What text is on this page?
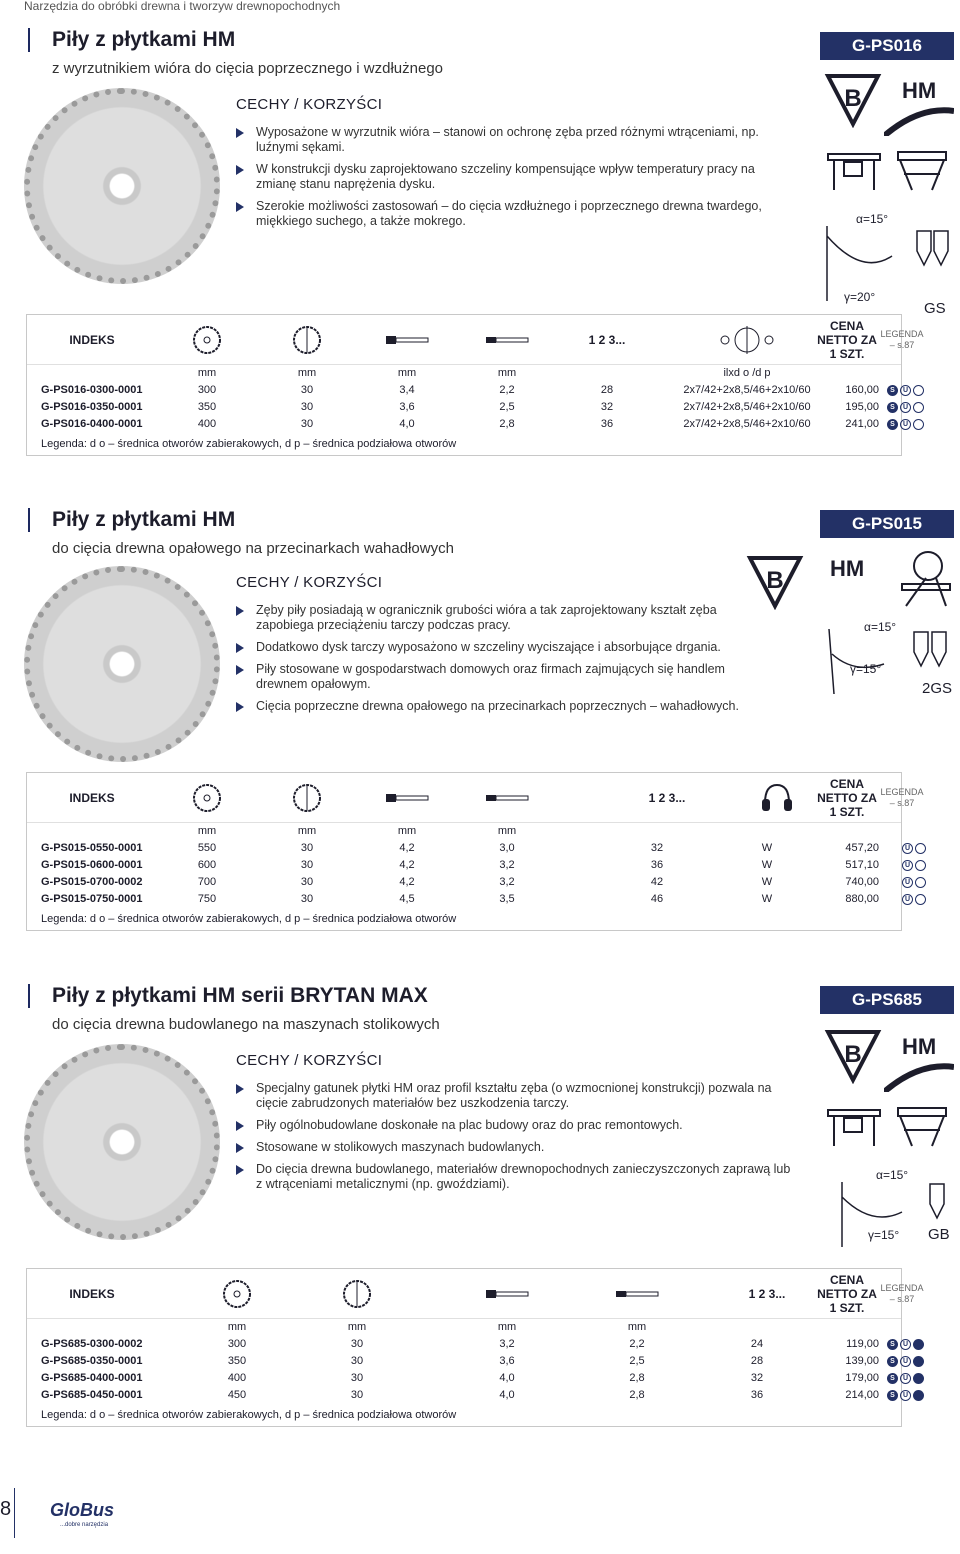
Narzędzia do obróbki drewna i tworzyw drewnopochodnych
Piły z płytkami HM
z wyrzutnikiem wióra do cięcia poprzecznego i wzdłużnego
G-PS016
CECHY / KORZYŚCI
Wyposażone w wyrzutnik wióra – stanowi on ochronę zęba przed różnymi wtrąceniami, np. luźnymi sękami.
W konstrukcji dysku zaprojektowano szczeliny kompensujące wpływ temperatury pracy na zmianę stanu naprężenia dysku.
Szerokie możliwości zastosowań – do cięcia wzdłużnego i poprzecznego drewna twardego, miękkiego suchego, a także mokrego.
B HM
α=15°
γ=20°
GS
INDEKS	1 2 3...
CENA NETTO ZA 1 SZT.
LEGENDA – s.87
mm	mm	mm	mm	ilxd o /d p
G-PS016-0300-0001	300	30	3,4	2,2	28	2x7/42+2x8,5/46+2x10/60	160,00	S	U
G-PS016-0350-0001	350	30	3,6	2,5	32	2x7/42+2x8,5/46+2x10/60	195,00	S	U
G-PS016-0400-0001	400	30	4,0	2,8	36	2x7/42+2x8,5/46+2x10/60	241,00	S	U
Legenda: d o – średnica otworów zabierakowych, d p – średnica podziałowa otworów
Piły z płytkami HM
do cięcia drewna opałowego na przecinarkach wahadłowych
G-PS015
CECHY / KORZYŚCI
Zęby piły posiadają w ogranicznik grubości wióra a tak zaprojektowany kształt zęba zapobiega przeciążeniu tarczy podczas pracy.
Dodatkowo dysk tarczy wyposażono w szczeliny wyciszające i absorbujące drgania.
Piły stosowane w gospodarstwach domowych oraz firmach zajmujących się handlem drewnem opałowym.
Cięcia poprzeczne drewna opałowego na przecinarkach poprzecznych – wahadłowych.
B HM
α=15°
γ=15°
2GS
INDEKS	1 2 3...
CENA NETTO ZA 1 SZT.
LEGENDA – s.87
mm	mm	mm	mm
G-PS015-0550-0001	550	30	4,2	3,0	32	W	457,20	U
G-PS015-0600-0001	600	30	4,2	3,2	36	W	517,10	U
G-PS015-0700-0002	700	30	4,2	3,2	42	W	740,00	U
G-PS015-0750-0001	750	30	4,5	3,5	46	W	880,00	U
Legenda: d o – średnica otworów zabierakowych, d p – średnica podziałowa otworów
Piły z płytkami HM serii BRYTAN MAX
do cięcia drewna budowlanego na maszynach stolikowych
G-PS685
CECHY / KORZYŚCI
Specjalny gatunek płytki HM oraz profil kształtu zęba (o wzmocnionej konstrukcji) pozwala na cięcie zabrudzonych materiałów bez uszkodzenia tarczy.
Piły ogólnobudowlane doskonałe na plac budowy oraz do prac remontowych.
Stosowane w stolikowych maszynach budowlanych.
Do cięcia drewna budowlanego, materiałów drewnopochodnych zanieczyszczonych zaprawą lub z wtrąceniami metalicznymi (np. gwoździami).
B HM
α=15°
γ=15° GB
INDEKS	1 2 3...
CENA NETTO ZA 1 SZT.
LEGENDA – s.87
mm	mm	mm	mm
G-PS685-0300-0002	300	30	3,2	2,2	24	119,00	S	U
G-PS685-0350-0001	350	30	3,6	2,5	28	139,00	S	U
G-PS685-0400-0001	400	30	4,0	2,8	32	179,00	S	U
G-PS685-0450-0001	450	30	4,0	2,8	36	214,00	S	U
Legenda: d o – średnica otworów zabierakowych, d p – średnica podziałowa otworów
8 GloBus
...dobre narzędzia
